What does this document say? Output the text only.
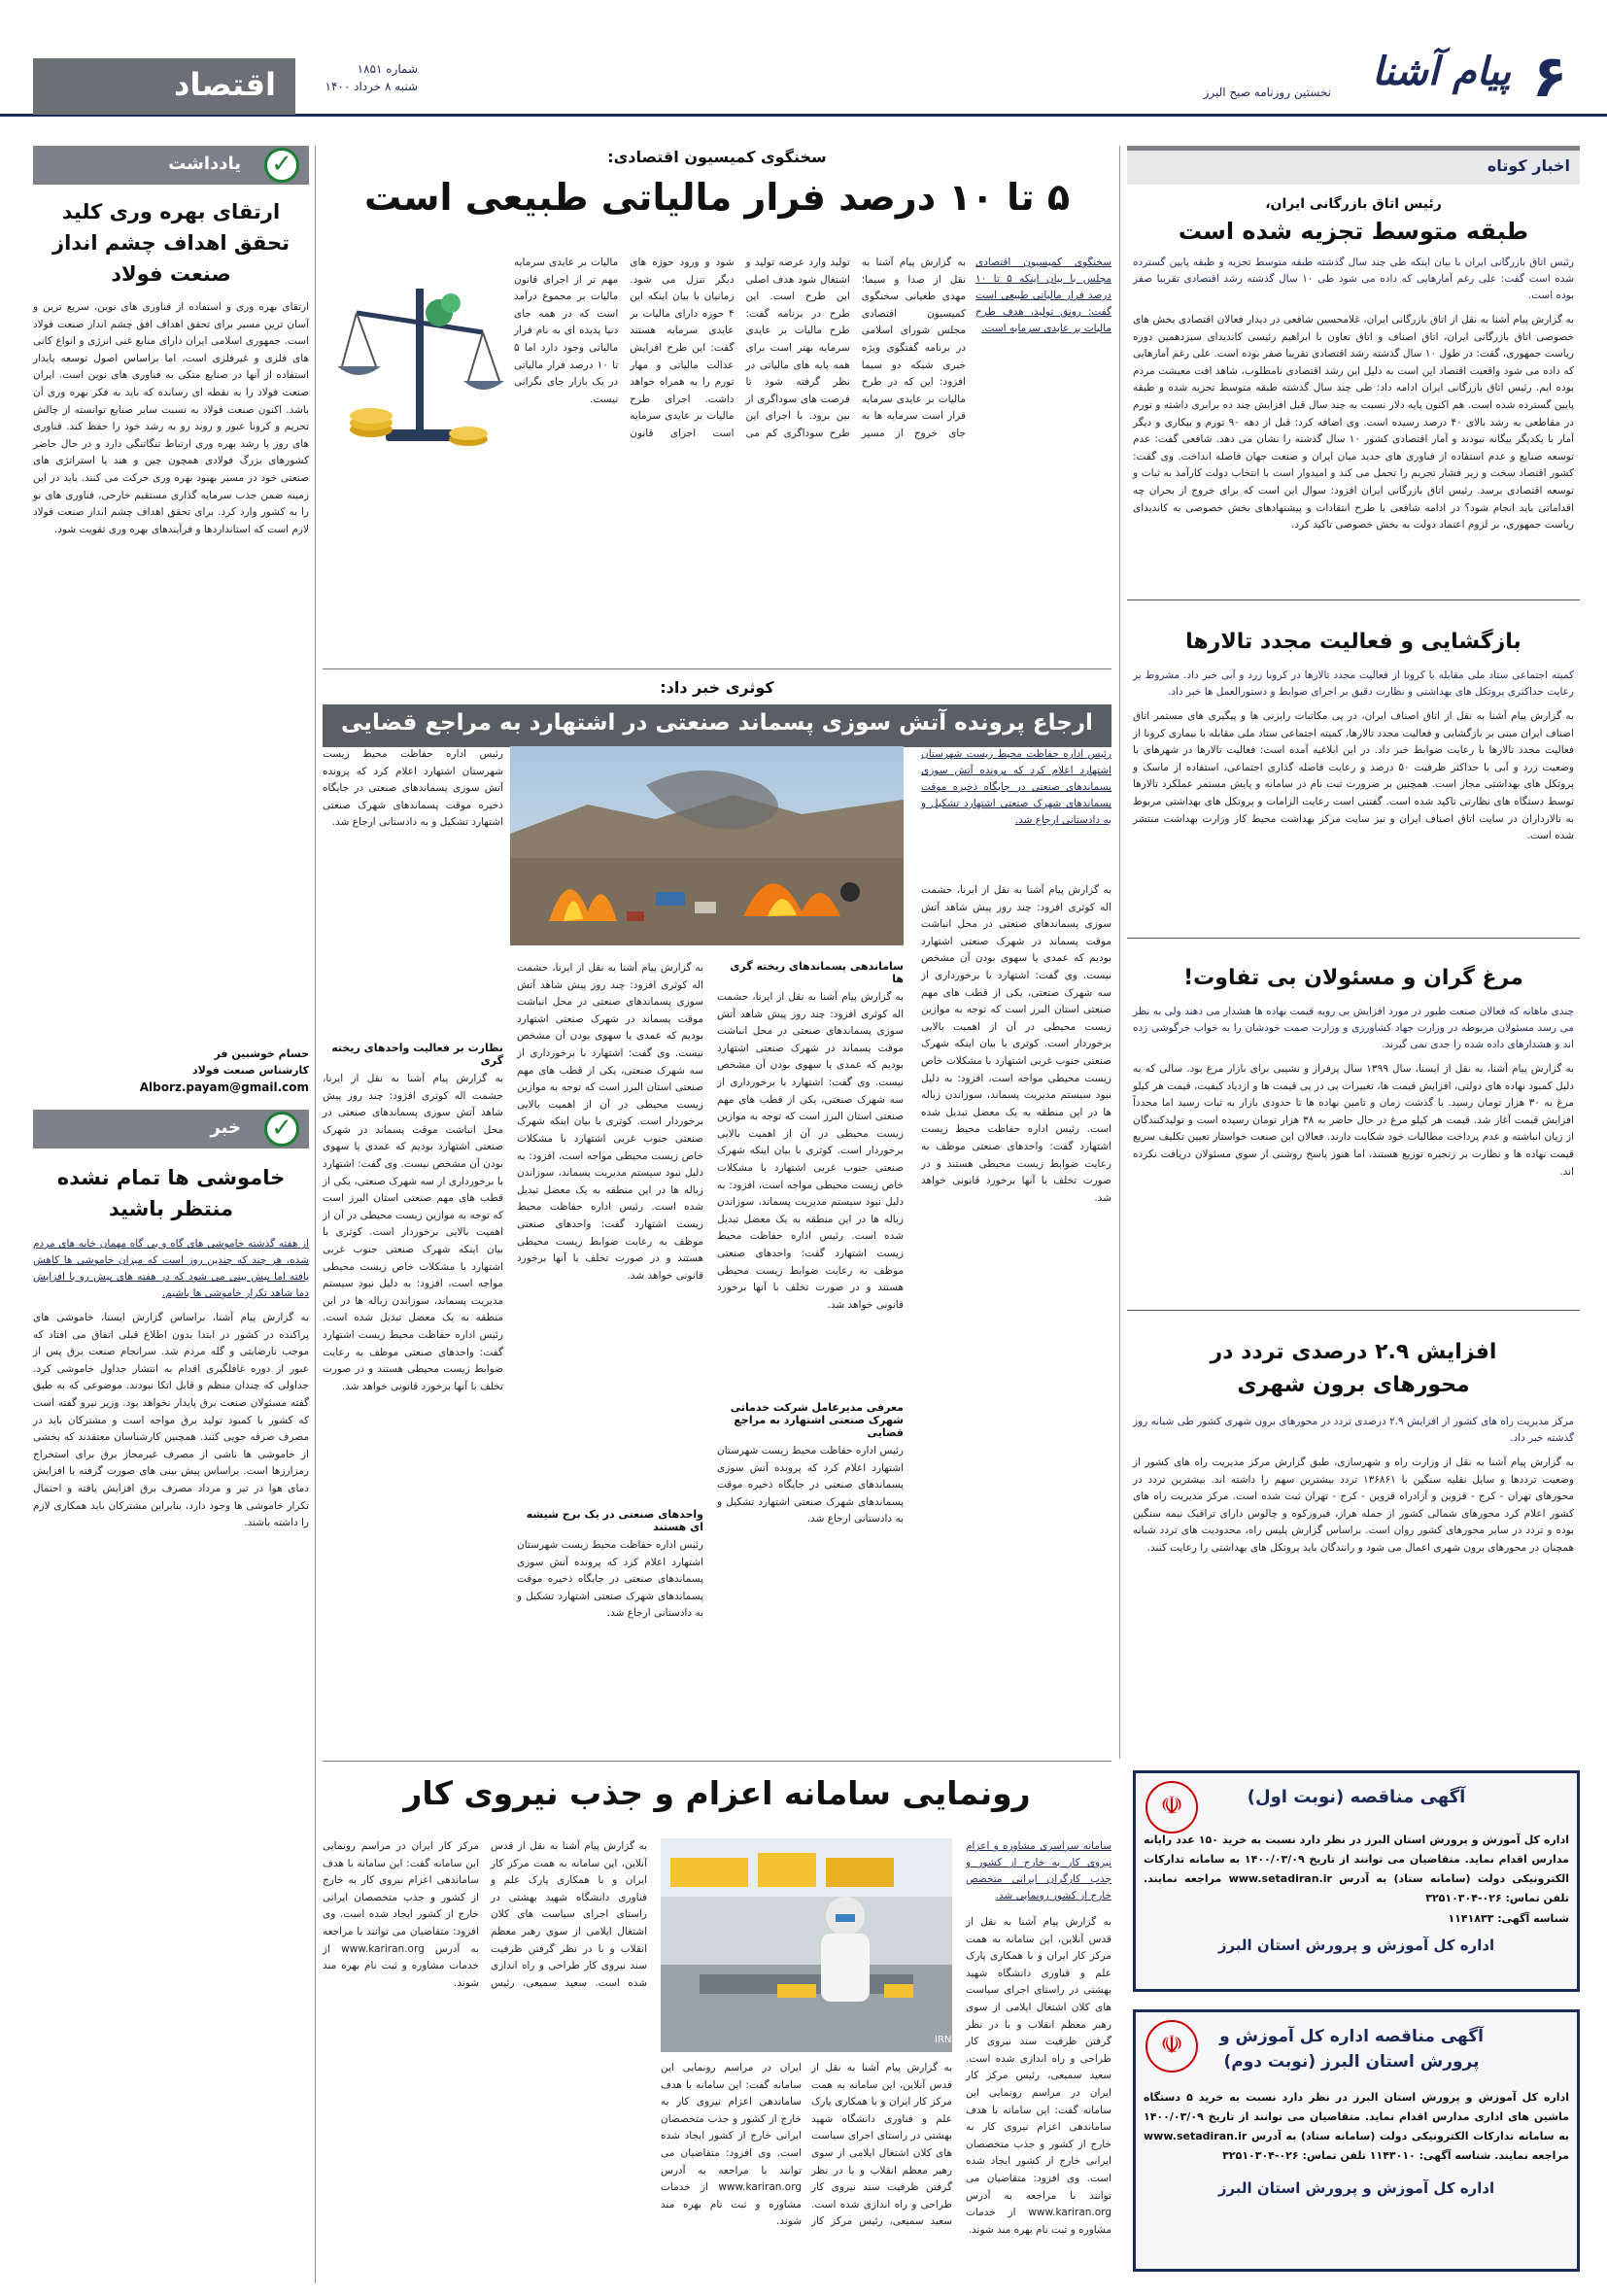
۶
پیام آشنا
نخستین روزنامه صبح البرز
شماره ۱۸۵۱
شنبه ۸ خرداد ۱۴۰۰
اقتصاد
اخبار کوتاه
رئیس اتاق بازرگانی ایران،
طبقه متوسط تجزیه شده است
رئیس اتاق بازرگانی ایران با بیان اینکه طی چند سال گذشته طبقه متوسط تجزیه و طبقه پایین گسترده شده است گفت: علی رغم آمارهایی که داده می شود طی ۱۰ سال گذشته رشد اقتصادی تقریبا صفر بوده است.
به گزارش پیام آشنا به نقل از اتاق بازرگانی ایران، غلامحسین شافعی در دیدار فعالان اقتصادی بخش های خصوصی اتاق بازرگانی ایران، اتاق اصناف و اتاق تعاون با ابراهیم رئیسی کاندیدای سیزدهمین دوره ریاست جمهوری، گفت: در طول ۱۰ سال گذشته رشد اقتصادی تقریبا صفر بوده است. علی رغم آمارهایی که داده می شود واقعیت اقتصاد این است به دلیل این رشد اقتصادی نامطلوب، شاهد افت معیشت مردم بوده ایم. رئیس اتاق بازرگانی ایران ادامه داد: طی چند سال گذشته طبقه متوسط تجزیه شده و طبقه پایین گسترده شده است. هم اکنون پایه دلار نسبت به چند سال قبل افزایش چند ده برابری داشته و تورم در مقاطعی به رشد بالای ۴۰ درصد رسیده است. وی اضافه کرد: قبل از دهه ۹۰ تورم و بیکاری و دیگر آمار با یکدیگر بیگانه نبودند و آمار اقتصادی کشور ۱۰ سال گذشته را نشان می دهد. شافعی گفت: عدم توسعه صنایع و عدم استفاده از فناوری های جدید میان ایران و صنعت جهان فاصله انداخت. وی گفت: کشور اقتصاد سخت و زیر فشار تحریم را تحمل می کند و امیدوار است با انتخاب دولت کارآمد به ثبات و توسعه اقتصادی برسد. رئیس اتاق بازرگانی ایران افزود: سوال این است که برای خروج از بحران چه اقداماتی باید انجام شود؟ در ادامه شافعی با طرح انتقادات و پیشنهادهای بخش خصوصی به کاندیدای ریاست جمهوری، بر لزوم اعتماد دولت به بخش خصوصی تاکید کرد.
بازگشایی و فعالیت مجدد تالارها
کمیته اجتماعی ستاد ملی مقابله با کرونا از فعالیت مجدد تالارها در کرونا زرد و آبی خبر داد. مشروط بر رعایت حداکثری پروتکل های بهداشتی و نظارت دقیق بر اجرای ضوابط و دستورالعمل ها خبر داد.
به گزارش پیام آشنا به نقل از اتاق اصناف ایران، در پی مکاتبات رایزنی ها و پیگیری های مستمر اتاق اصناف ایران مبنی بر بازگشایی و فعالیت مجدد تالارها، کمیته اجتماعی ستاد ملی مقابله با بیماری کرونا از فعالیت مجدد تالارها با رعایت ضوابط خبر داد. در این ابلاغیه آمده است: فعالیت تالارها در شهرهای با وضعیت زرد و آبی با حداکثر ظرفیت ۵۰ درصد و رعایت فاصله گذاری اجتماعی، استفاده از ماسک و پروتکل های بهداشتی مجاز است. همچنین بر ضرورت ثبت نام در سامانه و پایش مستمر عملکرد تالارها توسط دستگاه های نظارتی تاکید شده است. گفتنی است رعایت الزامات و پروتکل های بهداشتی مربوط به تالارداران در سایت اتاق اصناف ایران و نیز سایت مرکز بهداشت محیط کار وزارت بهداشت منتشر شده است.
مرغ گران و مسئولان بی تفاوت!
چندی ماهانه که فعالان صنعت طیور در مورد افزایش بی رویه قیمت نهاده ها هشدار می دهند ولی به نظر می رسد مسئولان مربوطه در وزارت جهاد کشاورزی و وزارت صمت خودشان را به خواب خرگوشی زده اند و هشدارهای داده شده را جدی نمی گیرند.
به گزارش پیام آشنا، به نقل از ایسنا، سال ۱۳۹۹ سال پرفراز و نشیبی برای بازار مرغ بود. سالی که به دلیل کمبود نهاده های دولتی، افزایش قیمت ها، تغییرات پی در پی قیمت ها و ازدیاد کیفیت، قیمت هر کیلو مرغ به ۳۰ هزار تومان رسید. با گذشت زمان و تامین نهاده ها تا حدودی بازار به ثبات رسید اما مجدداً افزایش قیمت آغاز شد. قیمت هر کیلو مرغ در حال حاضر به ۳۸ هزار تومان رسیده است و تولیدکنندگان از زیان انباشته و عدم پرداخت مطالبات خود شکایت دارند. فعالان این صنعت خواستار تعیین تکلیف سریع قیمت نهاده ها و نظارت بر زنجیره توزیع هستند، اما هنوز پاسخ روشنی از سوی مسئولان دریافت نکرده اند.
افزایش ۲.۹ درصدی تردد در محورهای برون شهری
مرکز مدیریت راه های کشور از افزایش ۲.۹ درصدی تردد در محورهای برون شهری کشور طی شبانه روز گذشته خبر داد.
به گزارش پیام آشنا به نقل از وزارت راه و شهرسازی، طبق گزارش مرکز مدیریت راه های کشور از وضعیت ترددها و سایل نقلیه سنگین با ۱۳۶۸۶۱ تردد بیشترین سهم را داشته اند. بیشترین تردد در محورهای تهران - کرج - قزوین و آزادراه قزوین - کرج - تهران ثبت شده است. مرکز مدیریت راه های کشور اعلام کرد محورهای شمالی کشور از جمله هراز، فیروزکوه و چالوس دارای ترافیک نیمه سنگین بوده و تردد در سایر محورهای کشور روان است. براساس گزارش پلیس راه، محدودیت های تردد شبانه همچنان در محورهای برون شهری اعمال می شود و رانندگان باید پروتکل های بهداشتی را رعایت کنند.
☫	آگهی مناقصه (نوبت اول)
اداره کل آموزش و پرورش استان البرز در نظر دارد نسبت به خرید ۱۵۰ عدد رایانه مدارس اقدام نماید. متقاضیان می توانند از تاریخ ۱۴۰۰/۰۳/۰۹ به سامانه تدارکات الکترونیکی دولت (سامانه ستاد) به آدرس www.setadiran.ir مراجعه نمایند. تلفن تماس: ۰۲۶-۳۲۵۱۰۳۰۴
شناسه آگهی: ۱۱۴۱۸۳۳
اداره کل آموزش و پرورش استان البرز
☫	آگهی مناقصه اداره کل آموزش و پرورش استان البرز (نوبت دوم)
اداره کل آموزش و پرورش استان البرز در نظر دارد نسبت به خرید ۵ دستگاه ماشین های اداری مدارس اقدام نماید. متقاضیان می توانند از تاریخ ۱۴۰۰/۰۳/۰۹ به سامانه تدارکات الکترونیکی دولت (سامانه ستاد) به آدرس www.setadiran.ir مراجعه نمایند. شناسه آگهی: ۱۱۴۳۰۱۰ تلفن تماس: ۰۲۶-۳۲۵۱۰۳۰۴
اداره کل آموزش و پرورش استان البرز
سخنگوی کمیسیون اقتصادی:
۵ تا ۱۰ درصد فرار مالیاتی طبیعی است
سخنگوی کمیسیون اقتصادی مجلس با بیان اینکه ۵ تا ۱۰ درصد فرار مالیاتی طبیعی است گفت: رونق تولید، هدف طرح مالیات بر عایدی سرمایه است.
به گزارش پیام آشنا به نقل از صدا و سیما؛ مهدی طغیانی سخنگوی کمیسیون اقتصادی مجلس شورای اسلامی در برنامه گفتگوی ویژه خبری شبکه دو سیما افزود: این که در طرح مالیات بر عایدی سرمایه قرار است سرمایه ها به جای خروج از مسیر تولید وارد عرصه تولید و اشتغال شود هدف اصلی این طرح است. این طرح در برنامه گفت: طرح مالیات بر عایدی سرمایه بهتر است برای همه پایه های مالیاتی در نظر گرفته شود تا فرصت های سوداگری از بین برود. با اجرای این طرح سوداگری کم می شود و ورود حوزه های دیگر تنزل می شود. زمانیان با بیان اینکه این ۴ حوزه دارای مالیات بر عایدی سرمایه هستند گفت: این طرح افزایش عدالت مالیاتی و مهار تورم را به همراه خواهد داشت. اجرای طرح مالیات بر عایدی سرمایه است اجرای قانون مالیات بر عایدی سرمایه مهم تر از اجرای قانون مالیات بر مجموع درآمد است که در همه جای دنیا پدیده ای به نام فرار مالیاتی وجود دارد اما ۵ تا ۱۰ درصد فرار مالیاتی در یک بازار جای نگرانی نیست.
کوثری خبر داد:
ارجاع پرونده آتش سوزی پسماند صنعتی در اشتهارد به مراجع قضایی
رئیس اداره حفاظت محیط زیست شهرستان اشتهارد اعلام کرد که پرونده آتش سوزی پسماندهای صنعتی در جایگاه ذخیره موقت پسماندهای شهرک صنعتی اشتهارد تشکیل و به دادستانی ارجاع شد.
به گزارش پیام آشنا به نقل از ایرنا، حشمت اله کوثری افزود: چند روز پیش شاهد آتش سوزی پسماندهای صنعتی در محل انباشت موقت پسماند در شهرک صنعتی اشتهارد بودیم که عمدی یا سهوی بودن آن مشخص نیست. وی گفت: اشتهارد با برخورداری از سه شهرک صنعتی، یکی از قطب های مهم صنعتی استان البرز است که توجه به موازین زیست محیطی در آن از اهمیت بالایی برخوردار است. کوثری با بیان اینکه شهرک صنعتی جنوب غربی اشتهارد با مشکلات خاص زیست محیطی مواجه است، افزود: به دلیل نبود سیستم مدیریت پسماند، سوزاندن زباله ها در این منطقه به یک معضل تبدیل شده است. رئیس اداره حفاظت محیط زیست اشتهارد گفت: واحدهای صنعتی موظف به رعایت ضوابط زیست محیطی هستند و در صورت تخلف با آنها برخورد قانونی خواهد شد.
ساماندهی پسماندهای ریخته گری ها
به گزارش پیام آشنا به نقل از ایرنا، حشمت اله کوثری افزود: چند روز پیش شاهد آتش سوزی پسماندهای صنعتی در محل انباشت موقت پسماند در شهرک صنعتی اشتهارد بودیم که عمدی یا سهوی بودن آن مشخص نیست. وی گفت: اشتهارد با برخورداری از سه شهرک صنعتی، یکی از قطب های مهم صنعتی استان البرز است که توجه به موازین زیست محیطی در آن از اهمیت بالایی برخوردار است. کوثری با بیان اینکه شهرک صنعتی جنوب غربی اشتهارد با مشکلات خاص زیست محیطی مواجه است، افزود: به دلیل نبود سیستم مدیریت پسماند، سوزاندن زباله ها در این منطقه به یک معضل تبدیل شده است. رئیس اداره حفاظت محیط زیست اشتهارد گفت: واحدهای صنعتی موظف به رعایت ضوابط زیست محیطی هستند و در صورت تخلف با آنها برخورد قانونی خواهد شد.
معرفی مدیرعامل شرکت خدماتی شهرک صنعتی اشتهارد به مراجع قضایی
رئیس اداره حفاظت محیط زیست شهرستان اشتهارد اعلام کرد که پرونده آتش سوزی پسماندهای صنعتی در جایگاه ذخیره موقت پسماندهای شهرک صنعتی اشتهارد تشکیل و به دادستانی ارجاع شد.
به گزارش پیام آشنا به نقل از ایرنا، حشمت اله کوثری افزود: چند روز پیش شاهد آتش سوزی پسماندهای صنعتی در محل انباشت موقت پسماند در شهرک صنعتی اشتهارد بودیم که عمدی یا سهوی بودن آن مشخص نیست. وی گفت: اشتهارد با برخورداری از سه شهرک صنعتی، یکی از قطب های مهم صنعتی استان البرز است که توجه به موازین زیست محیطی در آن از اهمیت بالایی برخوردار است. کوثری با بیان اینکه شهرک صنعتی جنوب غربی اشتهارد با مشکلات خاص زیست محیطی مواجه است، افزود: به دلیل نبود سیستم مدیریت پسماند، سوزاندن زباله ها در این منطقه به یک معضل تبدیل شده است. رئیس اداره حفاظت محیط زیست اشتهارد گفت: واحدهای صنعتی موظف به رعایت ضوابط زیست محیطی هستند و در صورت تخلف با آنها برخورد قانونی خواهد شد.
واحدهای صنعتی در یک برج شیشه ای هستند
رئیس اداره حفاظت محیط زیست شهرستان اشتهارد اعلام کرد که پرونده آتش سوزی پسماندهای صنعتی در جایگاه ذخیره موقت پسماندهای شهرک صنعتی اشتهارد تشکیل و به دادستانی ارجاع شد.
رئیس اداره حفاظت محیط زیست شهرستان اشتهارد اعلام کرد که پرونده آتش سوزی پسماندهای صنعتی در جایگاه ذخیره موقت پسماندهای شهرک صنعتی اشتهارد تشکیل و به دادستانی ارجاع شد.
نظارت بر فعالیت واحدهای ریخته گری
به گزارش پیام آشنا به نقل از ایرنا، حشمت اله کوثری افزود: چند روز پیش شاهد آتش سوزی پسماندهای صنعتی در محل انباشت موقت پسماند در شهرک صنعتی اشتهارد بودیم که عمدی یا سهوی بودن آن مشخص نیست. وی گفت: اشتهارد با برخورداری از سه شهرک صنعتی، یکی از قطب های مهم صنعتی استان البرز است که توجه به موازین زیست محیطی در آن از اهمیت بالایی برخوردار است. کوثری با بیان اینکه شهرک صنعتی جنوب غربی اشتهارد با مشکلات خاص زیست محیطی مواجه است، افزود: به دلیل نبود سیستم مدیریت پسماند، سوزاندن زباله ها در این منطقه به یک معضل تبدیل شده است. رئیس اداره حفاظت محیط زیست اشتهارد گفت: واحدهای صنعتی موظف به رعایت ضوابط زیست محیطی هستند و در صورت تخلف با آنها برخورد قانونی خواهد شد.
رونمایی سامانه اعزام و جذب نیروی کار
سامانه سراسری مشاوره و اعزام نیروی کار به خارج از کشور و جذب کارگران ایرانی متخصص خارج از کشور رونمایی شد.
به گزارش پیام آشنا به نقل از قدس آنلاین، این سامانه به همت مرکز کار ایران و با همکاری پارک علم و فناوری دانشگاه شهید بهشتی در راستای اجرای سیاست های کلان اشتغال ایلامی از سوی رهبر معظم انقلاب و با در نظر گرفتن ظرفیت سند نیروی کار طراحی و راه اندازی شده است. سعید سمیعی، رئیس مرکز کار ایران در مراسم رونمایی این سامانه گفت: این سامانه با هدف ساماندهی اعزام نیروی کار به خارج از کشور و جذب متخصصان ایرانی خارج از کشور ایجاد شده است. وی افزود: متقاضیان می توانند با مراجعه به آدرس www.kariran.org از خدمات مشاوره و ثبت نام بهره مند شوند.
IRNA
به گزارش پیام آشنا به نقل از قدس آنلاین، این سامانه به همت مرکز کار ایران و با همکاری پارک علم و فناوری دانشگاه شهید بهشتی در راستای اجرای سیاست های کلان اشتغال ایلامی از سوی رهبر معظم انقلاب و با در نظر گرفتن ظرفیت سند نیروی کار طراحی و راه اندازی شده است. سعید سمیعی، رئیس مرکز کار ایران در مراسم رونمایی این سامانه گفت: این سامانه با هدف ساماندهی اعزام نیروی کار به خارج از کشور و جذب متخصصان ایرانی خارج از کشور ایجاد شده است. وی افزود: متقاضیان می توانند با مراجعه به آدرس www.kariran.org از خدمات مشاوره و ثبت نام بهره مند شوند.
به گزارش پیام آشنا به نقل از قدس آنلاین، این سامانه به همت مرکز کار ایران و با همکاری پارک علم و فناوری دانشگاه شهید بهشتی در راستای اجرای سیاست های کلان اشتغال ایلامی از سوی رهبر معظم انقلاب و با در نظر گرفتن ظرفیت سند نیروی کار طراحی و راه اندازی شده است. سعید سمیعی، رئیس مرکز کار ایران در مراسم رونمایی این سامانه گفت: این سامانه با هدف ساماندهی اعزام نیروی کار به خارج از کشور و جذب متخصصان ایرانی خارج از کشور ایجاد شده است. وی افزود: متقاضیان می توانند با مراجعه به آدرس www.kariran.org از خدمات مشاوره و ثبت نام بهره مند شوند.
✓
یادداشت
ارتقای بهره وری کلید تحقق اهداف چشم انداز صنعت فولاد
ارتقای بهره وری و استفاده از فناوری های نوین، سریع ترین و آسان ترین مسیر برای تحقق اهداف افق چشم انداز صنعت فولاد است. جمهوری اسلامی ایران دارای منابع غنی انرژی و انواع کانی های فلزی و غیرفلزی است، اما براساس اصول توسعه پایدار استفاده از آنها در صنایع متکی به فناوری های نوین است. ایران صنعت فولاد را به نقطه ای رسانده که باید به فکر بهره وری آن باشد. اکنون صنعت فولاد به نسبت سایر صنایع توانسته از چالش تحریم و کرونا عبور و روند رو به رشد خود را حفظ کند. فناوری های روز با رشد بهره وری ارتباط تنگاتنگی دارد و در حال حاضر کشورهای بزرگ فولادی همچون چین و هند با استراتژی های صنعتی خود در مسیر بهبود بهره وری حرکت می کنند. باید در این زمینه ضمن جذب سرمایه گذاری مستقیم خارجی، فناوری های نو را به کشور وارد کرد. برای تحقق اهداف چشم انداز صنعت فولاد لازم است که استانداردها و فرآیندهای بهره وری تقویت شود.
حسام خوشبین فر
کارشناس صنعت فولاد
Alborz.payam@gmail.com
✓
خبر
خاموشی ها تمام نشده منتظر باشید
از هفته گذشته خاموشی های گاه و بی گاه مهمان خانه های مردم شده، هر چند که چندین روز است که میزان خاموشی ها کاهش یافته اما پیش بینی می شود که در هفته های پیش رو با افزایش دما شاهد تکرار خاموشی ها باشیم.
به گزارش پیام آشنا، براساس گزارش ایسنا، خاموشی های پراکنده در کشور در ابتدا بدون اطلاع قبلی اتفاق می افتاد که موجب نارضایتی و گله مردم شد. سرانجام صنعت برق پس از عبور از دوره غافلگیری اقدام به انتشار جداول خاموشی کرد. جداولی که چندان منظم و قابل اتکا نبودند. موضوعی که به طبق گفته مسئولان صنعت برق پایدار نخواهد بود. وزیر نیرو گفته است که کشور با کمبود تولید برق مواجه است و مشترکان باید در مصرف صرفه جویی کنند. همچنین کارشناسان معتقدند که بخشی از خاموشی ها ناشی از مصرف غیرمجاز برق برای استخراج رمزارزها است. براساس پیش بینی های صورت گرفته با افزایش دمای هوا در تیر و مرداد مصرف برق افزایش یافته و احتمال تکرار خاموشی ها وجود دارد، بنابراین مشترکان باید همکاری لازم را داشته باشند.
